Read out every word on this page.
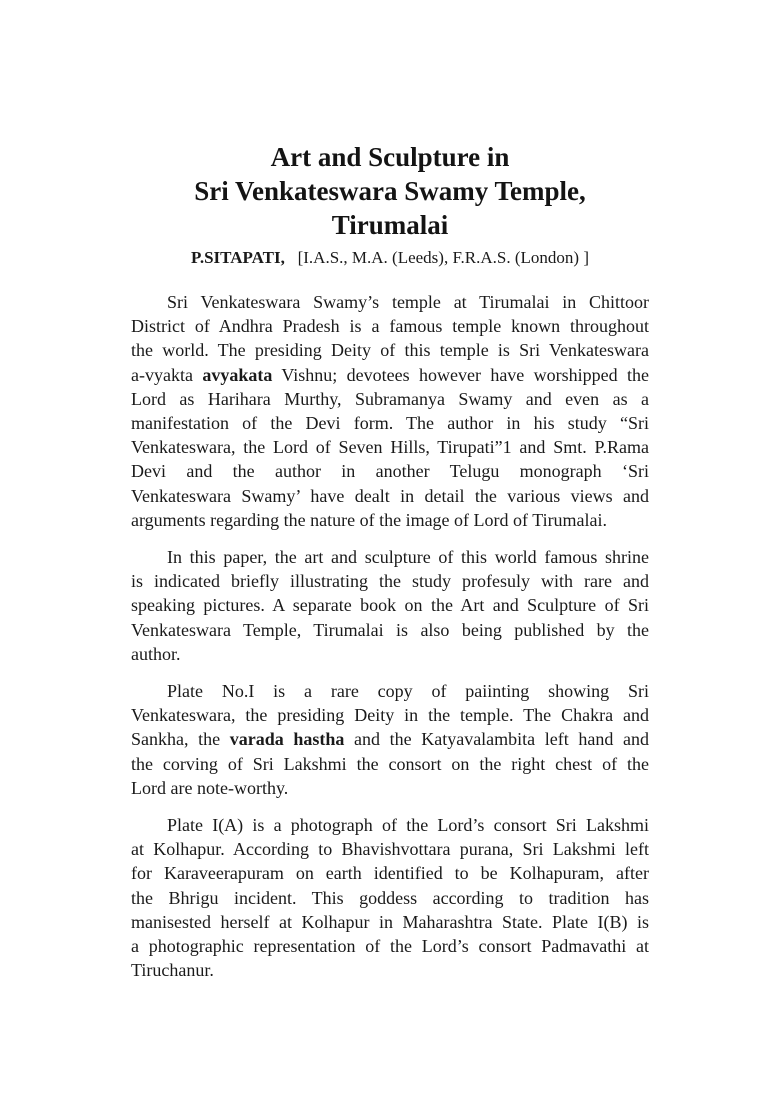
Art and Sculpture in
Sri Venkateswara Swamy Temple,
Tirumalai
P.SITAPATI, [I.A.S., M.A. (Leeds), F.R.A.S. (London) ]
Sri Venkateswara Swamy’s temple at Tirumalai in Chittoor
District of Andhra Pradesh is a famous temple known throughout
the world. The presiding Deity of this temple is Sri Venkateswara
a-vyakta avyakata Vishnu; devotees however have worshipped the
Lord as Harihara Murthy, Subramanya Swamy and even as a
manifestation of the Devi form. The author in his study “Sri
Venkateswara, the Lord of Seven Hills, Tirupati”1 and Smt. P.Rama
Devi and the author in another Telugu monograph ‘Sri
Venkateswara Swamy’ have dealt in detail the various views and
arguments regarding the nature of the image of Lord of Tirumalai.
In this paper, the art and sculpture of this world famous shrine
is indicated briefly illustrating the study profesuly with rare and
speaking pictures. A separate book on the Art and Sculpture of Sri
Venkateswara Temple, Tirumalai is also being published by the
author.
Plate No.I is a rare copy of paiinting showing Sri
Venkateswara, the presiding Deity in the temple. The Chakra and
Sankha, the varada hastha and the Katyavalambita left hand and
the corving of Sri Lakshmi the consort on the right chest of the
Lord are note-worthy.
Plate I(A) is a photograph of the Lord’s consort Sri Lakshmi
at Kolhapur. According to Bhavishvottara purana, Sri Lakshmi left
for Karaveerapuram on earth identified to be Kolhapuram, after
the Bhrigu incident. This goddess according to tradition has
manisested herself at Kolhapur in Maharashtra State. Plate I(B) is
a photographic representation of the Lord’s consort Padmavathi at
Tiruchanur.
